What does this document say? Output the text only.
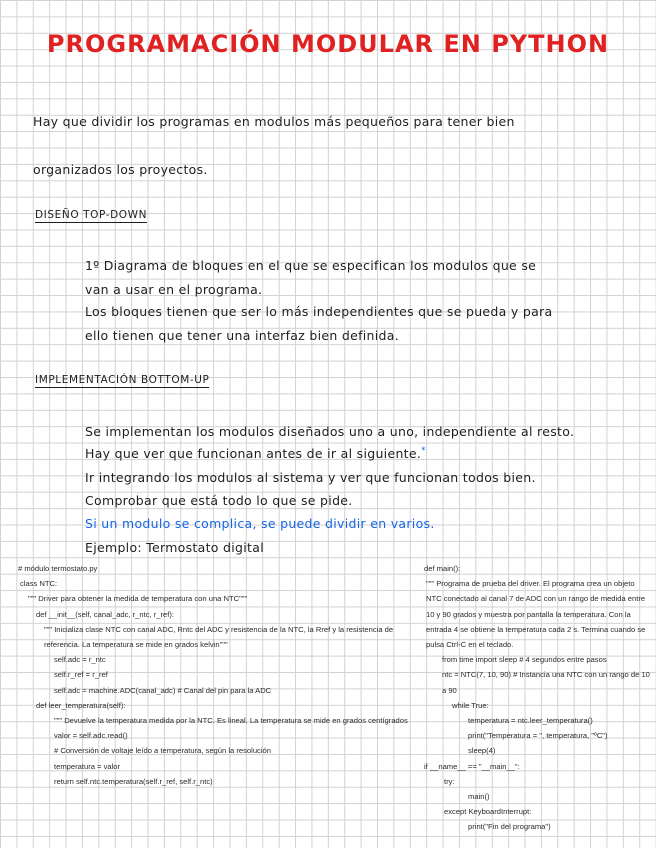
PROGRAMACIÓN MODULAR EN PYTHON
Hay que dividir los programas en modulos más pequeños para tener bien
organizados los proyectos.
DISEÑO TOP-DOWN
1º Diagrama de bloques en el que se especifican los modulos que se
van a usar en el programa.
Los bloques tienen que ser lo más independientes que se pueda y para
ello tienen que tener una interfaz bien definida.
IMPLEMENTACIÓN BOTTOM-UP
Se implementan los modulos diseñados uno a uno, independiente al resto.
Hay que ver que funcionan antes de ir al siguiente.*
Ir integrando los modulos al sistema y ver que funcionan todos bien.
Comprobar que está todo lo que se pide.
Si un modulo se complica, se puede dividir en varios.
Ejemplo: Termostato digital
# módulo termostato.py
class NTC:
""" Driver para obtener la medida de temperatura con una NTC"""
def __init__(self, canal_adc, r_ntc, r_ref):
""" Inicializa clase NTC con canal ADC, Rntc del ADC y resistencia de la NTC, la Rref y la resistencia de referencia. La temperatura se mide en grados kelvin"""
self.adc = r_ntc
self.r_ref = r_ref
self.adc = machine.ADC(canal_adc) # Canal del pin para la ADC
def leer_temperatura(self):
""" Devuelve la temperatura medida por la NTC. Es lineal. La temperatura se mide en grados centígrados
valor = self.adc.read()
# Conversión de voltaje leído a temperatura, según la resolución
temperatura = valor
return self.ntc.temperatura(self.r_ref, self.r_ntc)
def main():
""" Programa de prueba del driver. El programa crea un objeto NTC conectado al canal 7 de ADC con un rango de medida entre 10 y 90 grados y muestra por pantalla la temperatura. Con la entrada 4 se obtiene la temperatura cada 2 s. Termina cuando se pulsa Ctrl-C en el teclado.
from time import sleep # 4 segundos entre pasos
ntc = NTC(7, 10, 90) # Instancia una NTC con un rango de 10 a 90
while True:
temperatura = ntc.leer_temperatura()
print("Temperatura = ", temperatura, "ºC")
sleep(4)
if __name__ == "__main__":
try:
main()
except KeyboardInterrupt:
print("Fin del programa")
